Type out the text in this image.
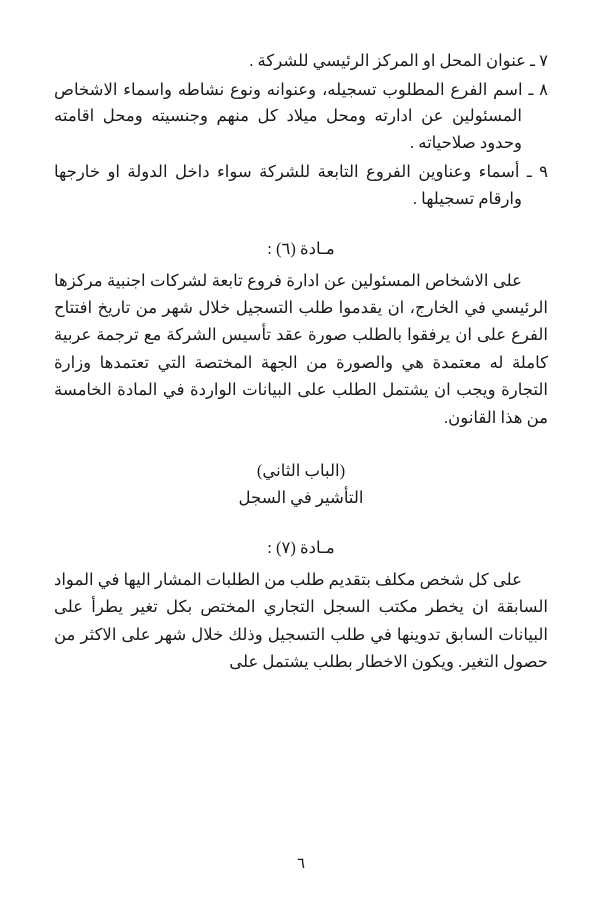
٧ ـ عنوان المحل او المركز الرئيسي للشركة .
٨ ـ اسم الفرع المطلوب تسجيله، وعنوانه ونوع نشاطه واسماء الاشخاص المسئولين عن ادارته ومحل ميلاد كل منهم وجنسيته ومحل اقامته وحدود صلاحياته .
٩ ـ أسماء وعناوين الفروع التابعة للشركة سواء داخل الدولة او خارجها وارقام تسجيلها .
مـادة (٦) :

على الاشخاص المسئولين عن ادارة فروع تابعة لشركات اجنبية مركزها الرئيسي في الخارج، ان يقدموا طلب التسجيل خلال شهر من تاريخ افتتاح الفرع على ان يرفقوا بالطلب صورة عقد تأسيس الشركة مع ترجمة عربية كاملة له معتمدة هي والصورة من الجهة المختصة التي تعتمدها وزارة التجارة ويجب ان يشتمل الطلب على البيانات الواردة في المادة الخامسة من هذا القانون.

(الباب الثاني)
التأشير في السجل
مـادة (٧) :

على كل شخص مكلف بتقديم طلب من الطلبات المشار اليها في المواد السابقة ان يخطر مكتب السجل التجاري المختص بكل تغير يطرأ على البيانات السابق تدوينها في طلب التسجيل وذلك خلال شهر على الاكثر من حصول التغير. ويكون الاخطار بطلب يشتمل على

٦
